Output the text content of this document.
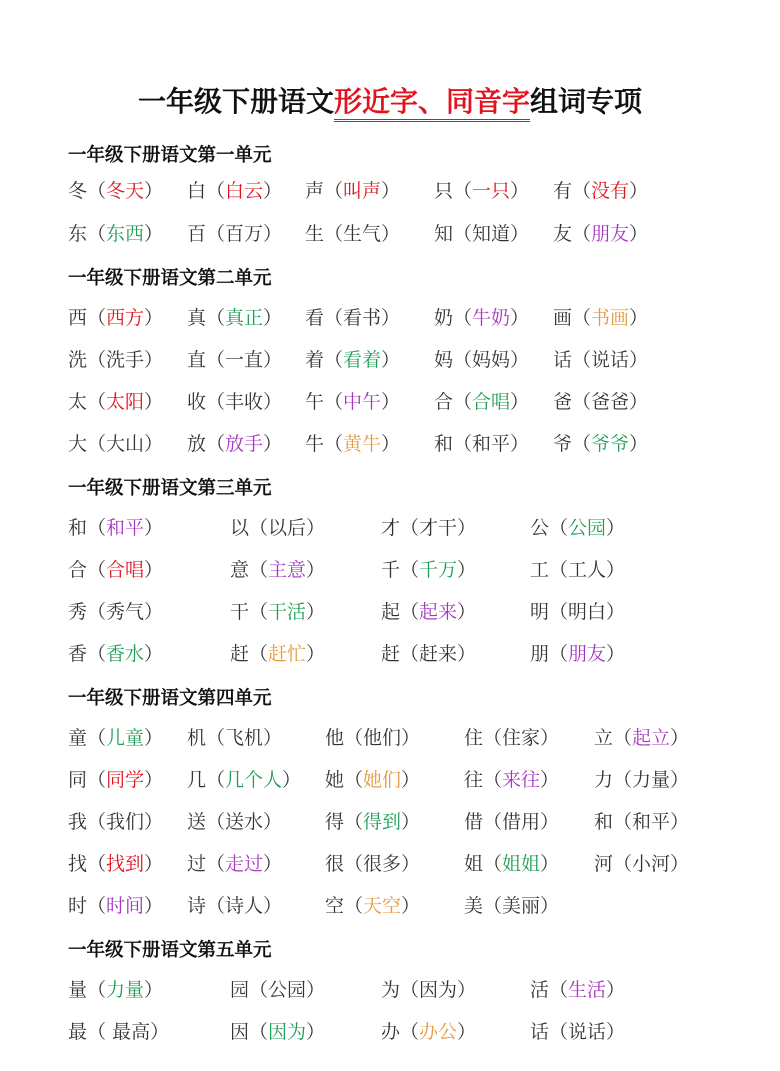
一年级下册语文形近字、同音字组词专项
一年级下册语文第一单元
冬（冬天） 白（白云） 声（叫声） 只（一只） 有（没有）
东（东西） 百（百万） 生（生气） 知（知道） 友（朋友）
一年级下册语文第二单元
西（西方） 真（真正） 看（看书） 奶（牛奶） 画（书画）
洗（洗手） 直（一直） 着（看着） 妈（妈妈） 话（说话）
太（太阳） 收（丰收） 午（中午） 合（合唱） 爸（爸爸）
大（大山） 放（放手） 牛（黄牛） 和（和平） 爷（爷爷）
一年级下册语文第三单元
和（和平）	以（以后）	才（才干）	公（公园）
合（合唱）	意（主意）	千（千万）	工（工人）
秀（秀气）	干（干活）	起（起来）	明（明白）
香（香水）	赶（赶忙）	赶（赶来）	朋（朋友）
一年级下册语文第四单元
童（儿童） 机（飞机） 他（他们） 住（住家） 立（起立）
同（同学） 几（几个人） 她（她们） 往（来往） 力（力量）
我（我们） 送（送水） 得（得到） 借（借用） 和（和平）
找（找到） 过（走过） 很（很多） 姐（姐姐） 河（小河）
时（时间） 诗（诗人） 空（天空） 美（美丽）
一年级下册语文第五单元
量（力量）	园（公园）	为（因为）	活（生活）
最（ 最高）	因（因为）	办（办公）	话（说话）
